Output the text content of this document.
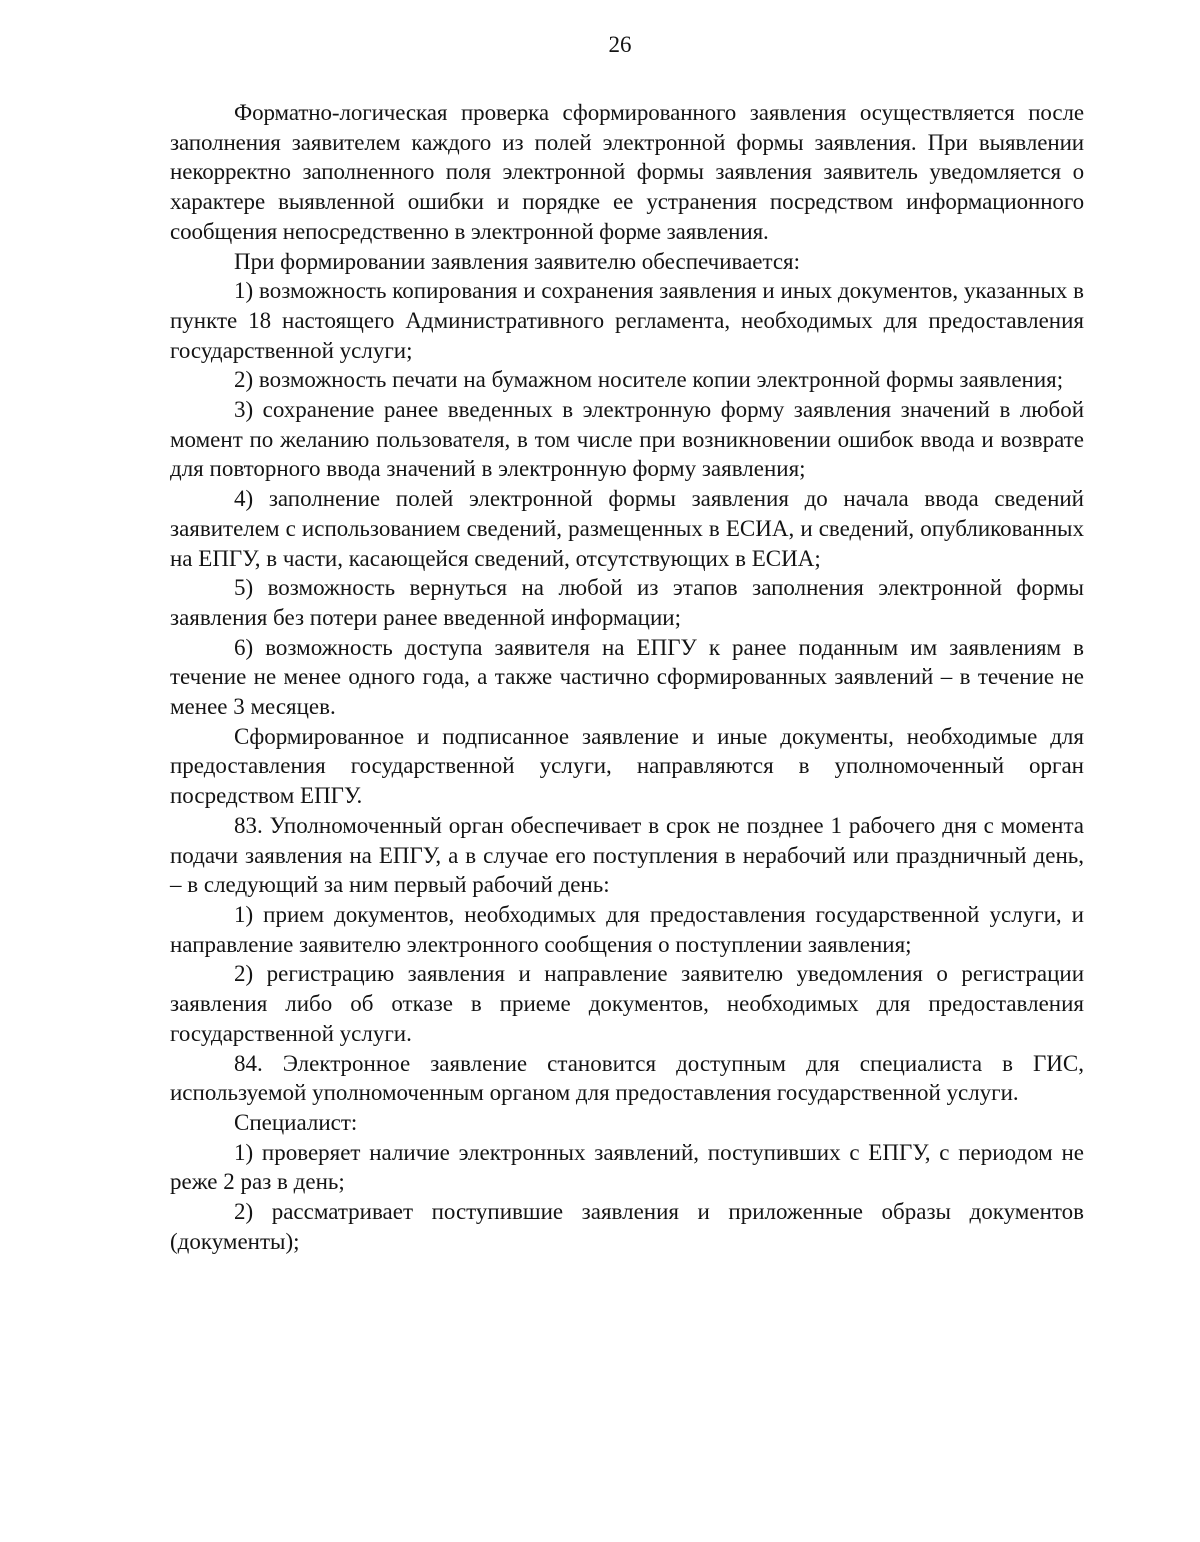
26

Форматно-логическая проверка сформированного заявления осуществляется после заполнения заявителем каждого из полей электронной формы заявления. При выявлении некорректно заполненного поля электронной формы заявления заявитель уведомляется о характере выявленной ошибки и порядке ее устранения посредством информационного сообщения непосредственно в электронной форме заявления.

При формировании заявления заявителю обеспечивается:

1) возможность копирования и сохранения заявления и иных документов, указанных в пункте 18 настоящего Административного регламента, необходимых для предоставления государственной услуги;

2) возможность печати на бумажном носителе копии электронной формы заявления;

3) сохранение ранее введенных в электронную форму заявления значений в любой момент по желанию пользователя, в том числе при возникновении ошибок ввода и возврате для повторного ввода значений в электронную форму заявления;

4) заполнение полей электронной формы заявления до начала ввода сведений заявителем с использованием сведений, размещенных в ЕСИА, и сведений, опубликованных на ЕПГУ, в части, касающейся сведений, отсутствующих в ЕСИА;

5) возможность вернуться на любой из этапов заполнения электронной формы заявления без потери ранее введенной информации;

6) возможность доступа заявителя на ЕПГУ к ранее поданным им заявлениям в течение не менее одного года, а также частично сформированных заявлений – в течение не менее 3 месяцев.

Сформированное и подписанное заявление и иные документы, необходимые для предоставления государственной услуги, направляются в уполномоченный орган посредством ЕПГУ.

83. Уполномоченный орган обеспечивает в срок не позднее 1 рабочего дня с момента подачи заявления на ЕПГУ, а в случае его поступления в нерабочий или праздничный день, – в следующий за ним первый рабочий день:

1) прием документов, необходимых для предоставления государственной услуги, и направление заявителю электронного сообщения о поступлении заявления;

2) регистрацию заявления и направление заявителю уведомления о регистрации заявления либо об отказе в приеме документов, необходимых для предоставления государственной услуги.

84. Электронное заявление становится доступным для специалиста в ГИС, используемой уполномоченным органом для предоставления государственной услуги.

Специалист:

1) проверяет наличие электронных заявлений, поступивших с ЕПГУ, с периодом не реже 2 раз в день;

2) рассматривает поступившие заявления и приложенные образы документов (документы);
